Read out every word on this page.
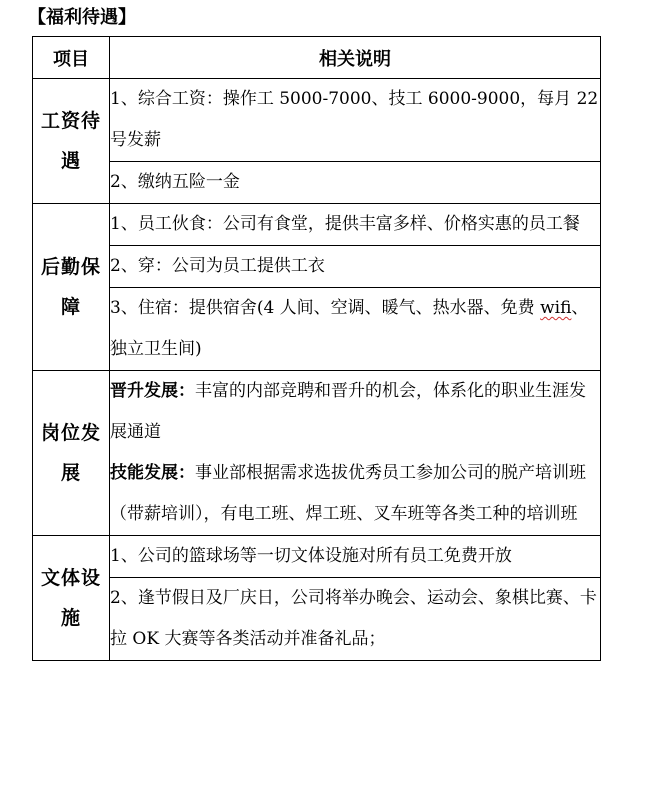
【福利待遇】
项目	相关说明
工资待遇	1、综合工资：操作工 5000-7000、技工 6000-9000，每月 22 号发薪
	2、缴纳五险一金
后勤保障	1、员工伙食：公司有食堂，提供丰富多样、价格实惠的员工餐
	2、穿：公司为员工提供工衣
	3、住宿：提供宿舍(4 人间、空调、暖气、热水器、免费 wifi、独立卫生间)
岗位发展	晋升发展：丰富的内部竞聘和晋升的机会，体系化的职业生涯发展通道
技能发展：事业部根据需求选拔优秀员工参加公司的脱产培训班（带薪培训），有电工班、焊工班、叉车班等各类工种的培训班

文体设施	1、公司的篮球场等一切文体设施对所有员工免费开放
	2、逢节假日及厂庆日，公司将举办晚会、运动会、象棋比赛、卡拉 OK 大赛等各类活动并准备礼品；
